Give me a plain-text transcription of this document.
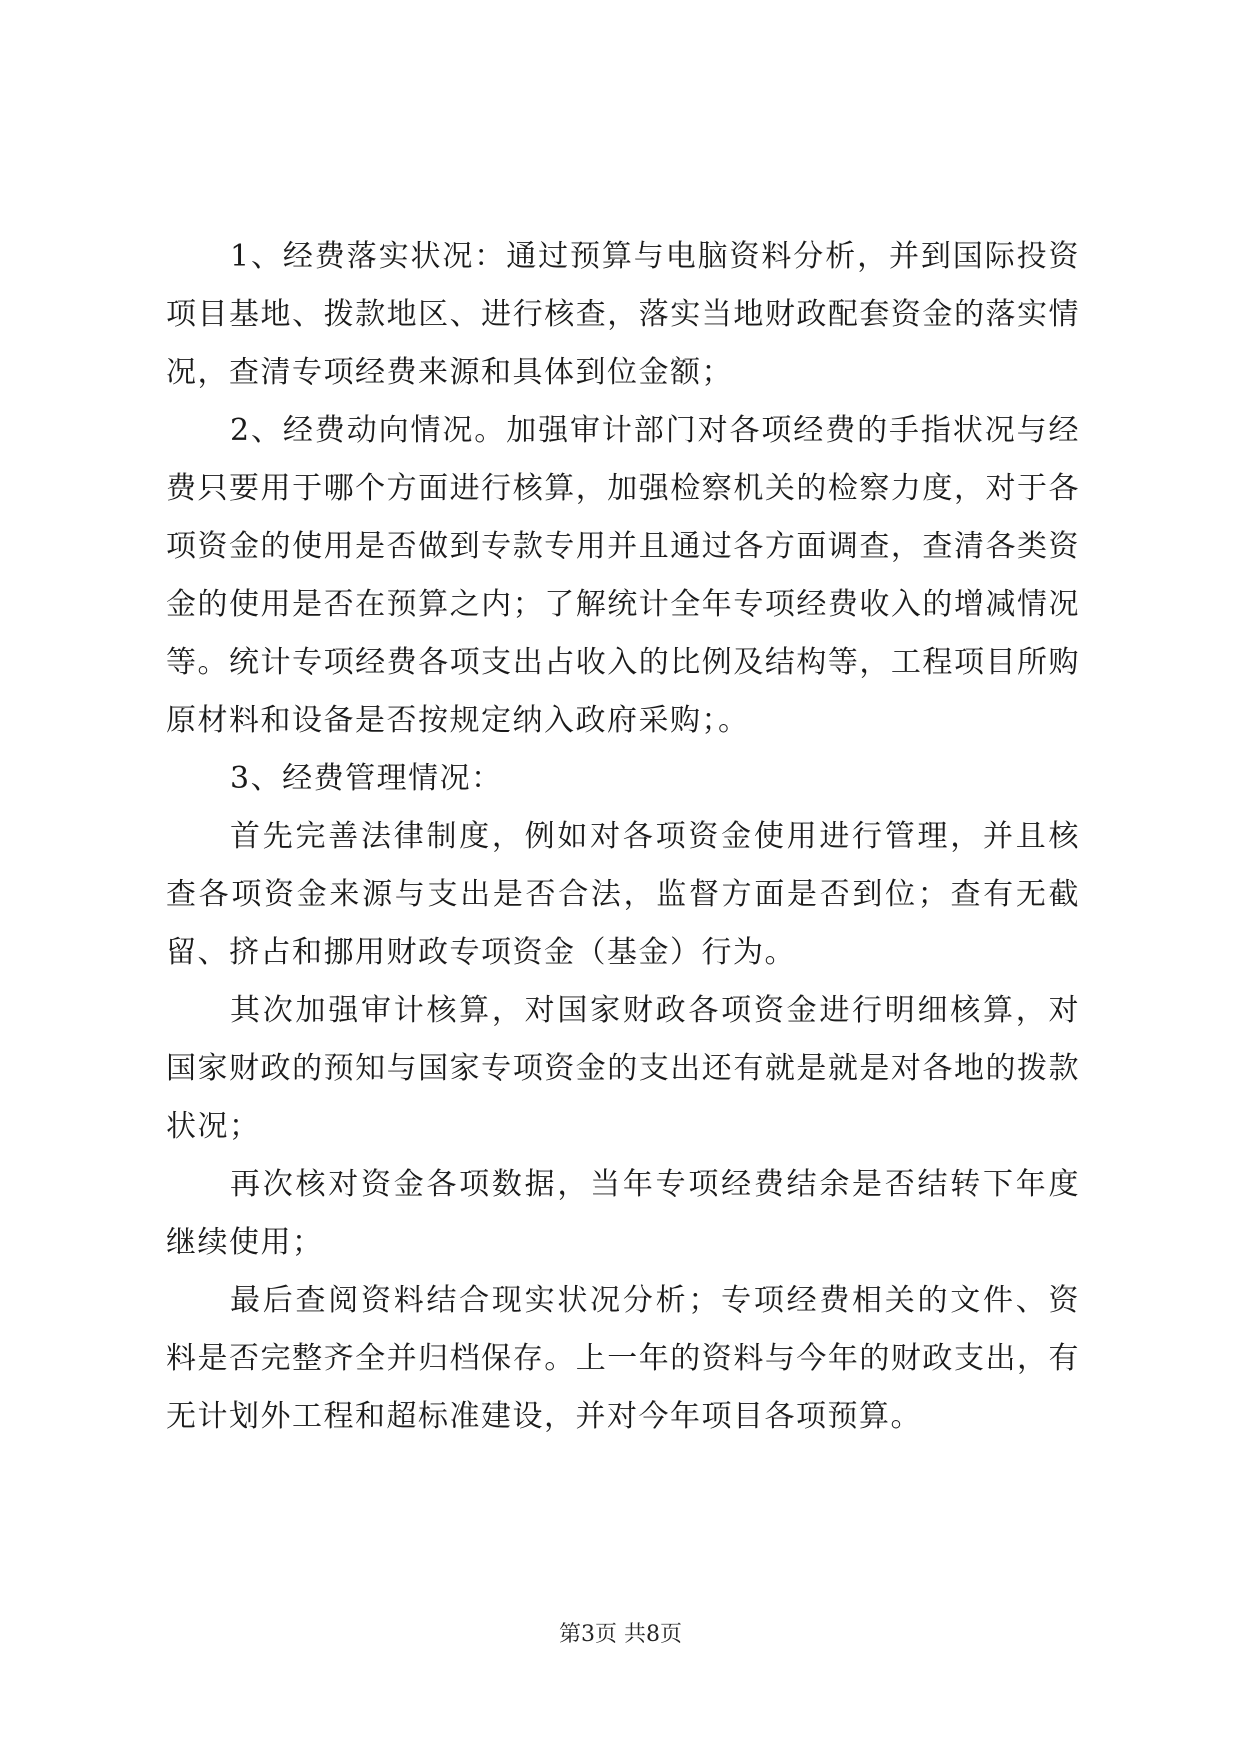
1、经费落实状况：通过预算与电脑资料分析，并到国际投资项目基地、拨款地区、进行核查，落实当地财政配套资金的落实情况，查清专项经费来源和具体到位金额；

2、经费动向情况。加强审计部门对各项经费的手指状况与经费只要用于哪个方面进行核算，加强检察机关的检察力度，对于各项资金的使用是否做到专款专用并且通过各方面调查，查清各类资金的使用是否在预算之内；了解统计全年专项经费收入的增减情况等。统计专项经费各项支出占收入的比例及结构等，工程项目所购原材料和设备是否按规定纳入政府采购；。

3、经费管理情况：

首先完善法律制度，例如对各项资金使用进行管理，并且核查各项资金来源与支出是否合法，监督方面是否到位；查有无截留、挤占和挪用财政专项资金（基金）行为。

其次加强审计核算，对国家财政各项资金进行明细核算，对国家财政的预知与国家专项资金的支出还有就是就是对各地的拨款状况；

再次核对资金各项数据，当年专项经费结余是否结转下年度继续使用；

最后查阅资料结合现实状况分析；专项经费相关的文件、资料是否完整齐全并归档保存。上一年的资料与今年的财政支出，有无计划外工程和超标准建设，并对今年项目各项预算。

第3页 共8页
